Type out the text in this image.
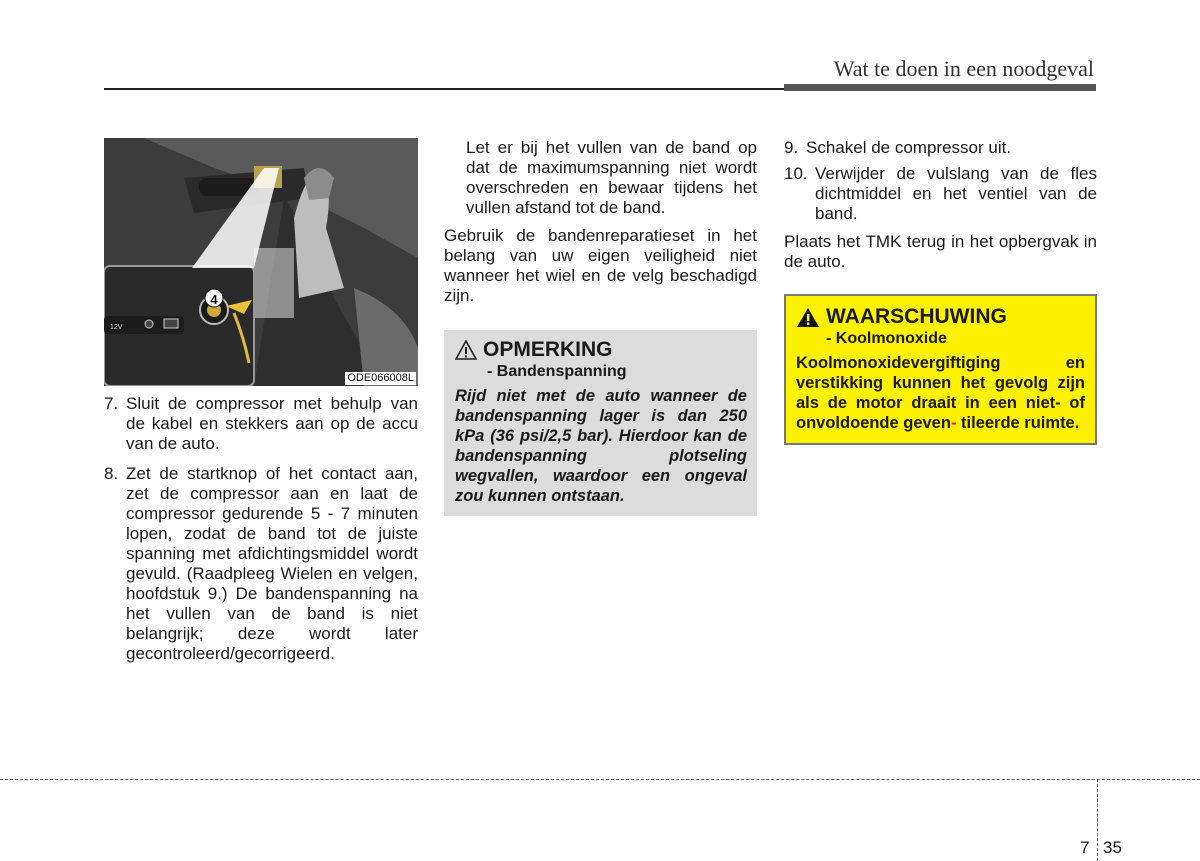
Wat te doen in een noodgeval
12V
4
ODE066008L
7. Sluit de compressor met behulp van de kabel en stekkers aan op de accu van de auto.
8. Zet de startknop of het contact aan, zet de compressor aan en laat de compressor gedurende 5 - 7 minuten lopen, zodat de band tot de juiste spanning met afdichtingsmiddel wordt gevuld. (Raadpleeg Wielen en velgen, hoofdstuk 9.) De bandenspanning na het vullen van de band is niet belangrijk; deze wordt later gecontroleerd/gecorrigeerd.
Let er bij het vullen van de band op dat de maximumspanning niet wordt overschreden en bewaar tijdens het vullen afstand tot de band.
Gebruik de bandenreparatieset in het belang van uw eigen veiligheid niet wanneer het wiel en de velg beschadigd zijn.
OPMERKING
- Bandenspanning
Rijd niet met de auto wanneer de bandenspanning lager is dan 250 kPa (36 psi/2,5 bar). Hierdoor kan de bandenspanning plotseling wegvallen, waardoor een ongeval zou kunnen ontstaan.
9. Schakel de compressor uit.
10. Verwijder de vulslang van de fles dichtmiddel en het ventiel van de band.
Plaats het TMK terug in het opbergvak in de auto.
WAARSCHUWING
- Koolmonoxide
Koolmonoxidevergiftiging en verstikking kunnen het gevolg zijn als de motor draait in een niet- of onvoldoende geven- tileerde ruimte.
7 35
